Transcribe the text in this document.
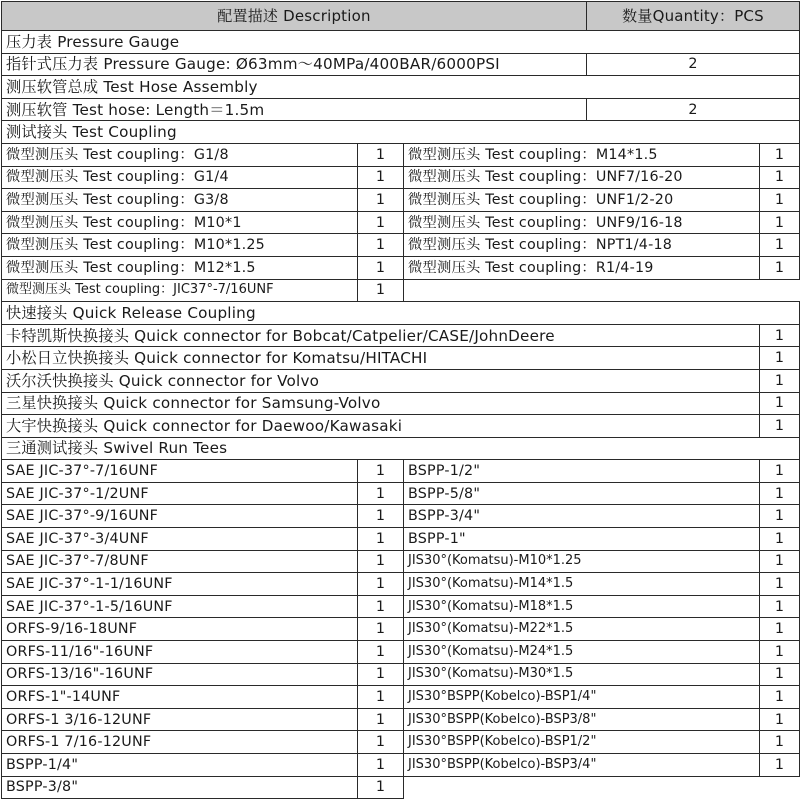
配置描述 Description			数量Quantity：PCS	
压力表 Pressure Gauge				
指针式压力表 Pressure Gauge: Ø63mm～40MPa/400BAR/6000PSI			2	
测压软管总成 Test Hose Assembly				
测压软管 Test hose: Length＝1.5m			2	
测试接头 Test Coupling				
微型测压头 Test coupling：G1/8	1	微型测压头 Test coupling：M14*1.5		1
微型测压头 Test coupling：G1/4	1	微型测压头 Test coupling：UNF7/16-20		1
微型测压头 Test coupling：G3/8	1	微型测压头 Test coupling：UNF1/2-20		1
微型测压头 Test coupling：M10*1	1	微型测压头 Test coupling：UNF9/16-18		1
微型测压头 Test coupling：M10*1.25	1	微型测压头 Test coupling：NPT1/4-18		1
微型测压头 Test coupling：M12*1.5	1	微型测压头 Test coupling：R1/4-19		1
微型测压头 Test coupling：JIC37°-7/16UNF	1			
快速接头 Quick Release Coupling				
卡特凯斯快换接头 Quick connector for Bobcat/Catpelier/CASE/JohnDeere				1
小松日立快换接头 Quick connector for Komatsu/HITACHI				1
沃尔沃快换接头 Quick connector for Volvo				1
三星快换接头 Quick connector for Samsung-Volvo				1
大宇快换接头 Quick connector for Daewoo/Kawasaki				1
三通测试接头 Swivel Run Tees				
SAE JIC-37°-7/16UNF	1	BSPP-1/2"		1
SAE JIC-37°-1/2UNF	1	BSPP-5/8"		1
SAE JIC-37°-9/16UNF	1	BSPP-3/4"		1
SAE JIC-37°-3/4UNF	1	BSPP-1"		1
SAE JIC-37°-7/8UNF	1	JIS30°(Komatsu)-M10*1.25		1
SAE JIC-37°-1-1/16UNF	1	JIS30°(Komatsu)-M14*1.5		1
SAE JIC-37°-1-5/16UNF	1	JIS30°(Komatsu)-M18*1.5		1
ORFS-9/16-18UNF	1	JIS30°(Komatsu)-M22*1.5		1
ORFS-11/16"-16UNF	1	JIS30°(Komatsu)-M24*1.5		1
ORFS-13/16"-16UNF	1	JIS30°(Komatsu)-M30*1.5		1
ORFS-1"-14UNF	1	JIS30°BSPP(Kobelco)-BSP1/4"		1
ORFS-1 3/16-12UNF	1	JIS30°BSPP(Kobelco)-BSP3/8"		1
ORFS-1 7/16-12UNF	1	JIS30°BSPP(Kobelco)-BSP1/2"		1
BSPP-1/4"	1	JIS30°BSPP(Kobelco)-BSP3/4"		1
BSPP-3/8"	1			
